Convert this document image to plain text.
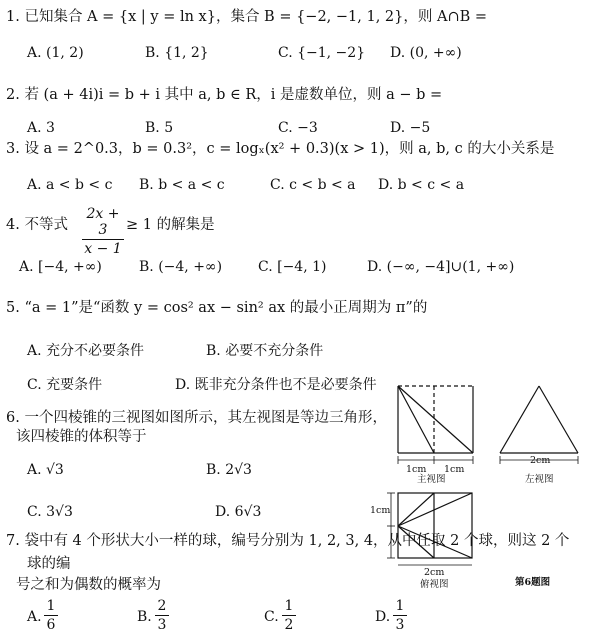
1. 已知集合 A = {x | y = ln x}，集合 B = {−2, −1, 1, 2}，则 A∩B =
A. (1, 2)	B. {1, 2}	C. {−1, −2} D. (0, +∞)
2. 若 (a + 4i)i = b + i 其中 a, b ∈ R，i 是虚数单位，则 a − b =
A. 3	B. 5	C. −3	D. −5
3. 设 a = 2^0.3，b = 0.3²，c = logₓ(x² + 0.3)(x > 1)，则 a, b, c 的大小关系是
A. a < b < c B. b < a < c	C. c < b < a D. b < c < a
4. 不等式
2x + 3
x − 1
≥ 1 的解集是
A. [−4, +∞)	B. (−4, +∞)	C. [−4, 1)	D. (−∞, −4]∪(1, +∞)
5. “a = 1”是“函数 y = cos² ax − sin² ax 的最小正周期为 π”的
A. 充分不必要条件	B. 必要不充分条件
C. 充要条件	D. 既非充分条件也不是必要条件
6. 一个四棱锥的三视图如图所示，其左视图是等边三角形，
该四棱锥的体积等于
A. √3	B. 2√3
C. 3√3	D. 6√3
1cm 1cm
主视图
2cm
左视图
1cm
2cm
俯视图	第6题图
7. 袋中有 4 个形状大小一样的球，编号分别为 1, 2, 3, 4，从中任取 2 个球，则这 2 个
球的编
号之和为偶数的概率为
A.
1
6	B.
2
3	C.
1
2	D.
1
3
